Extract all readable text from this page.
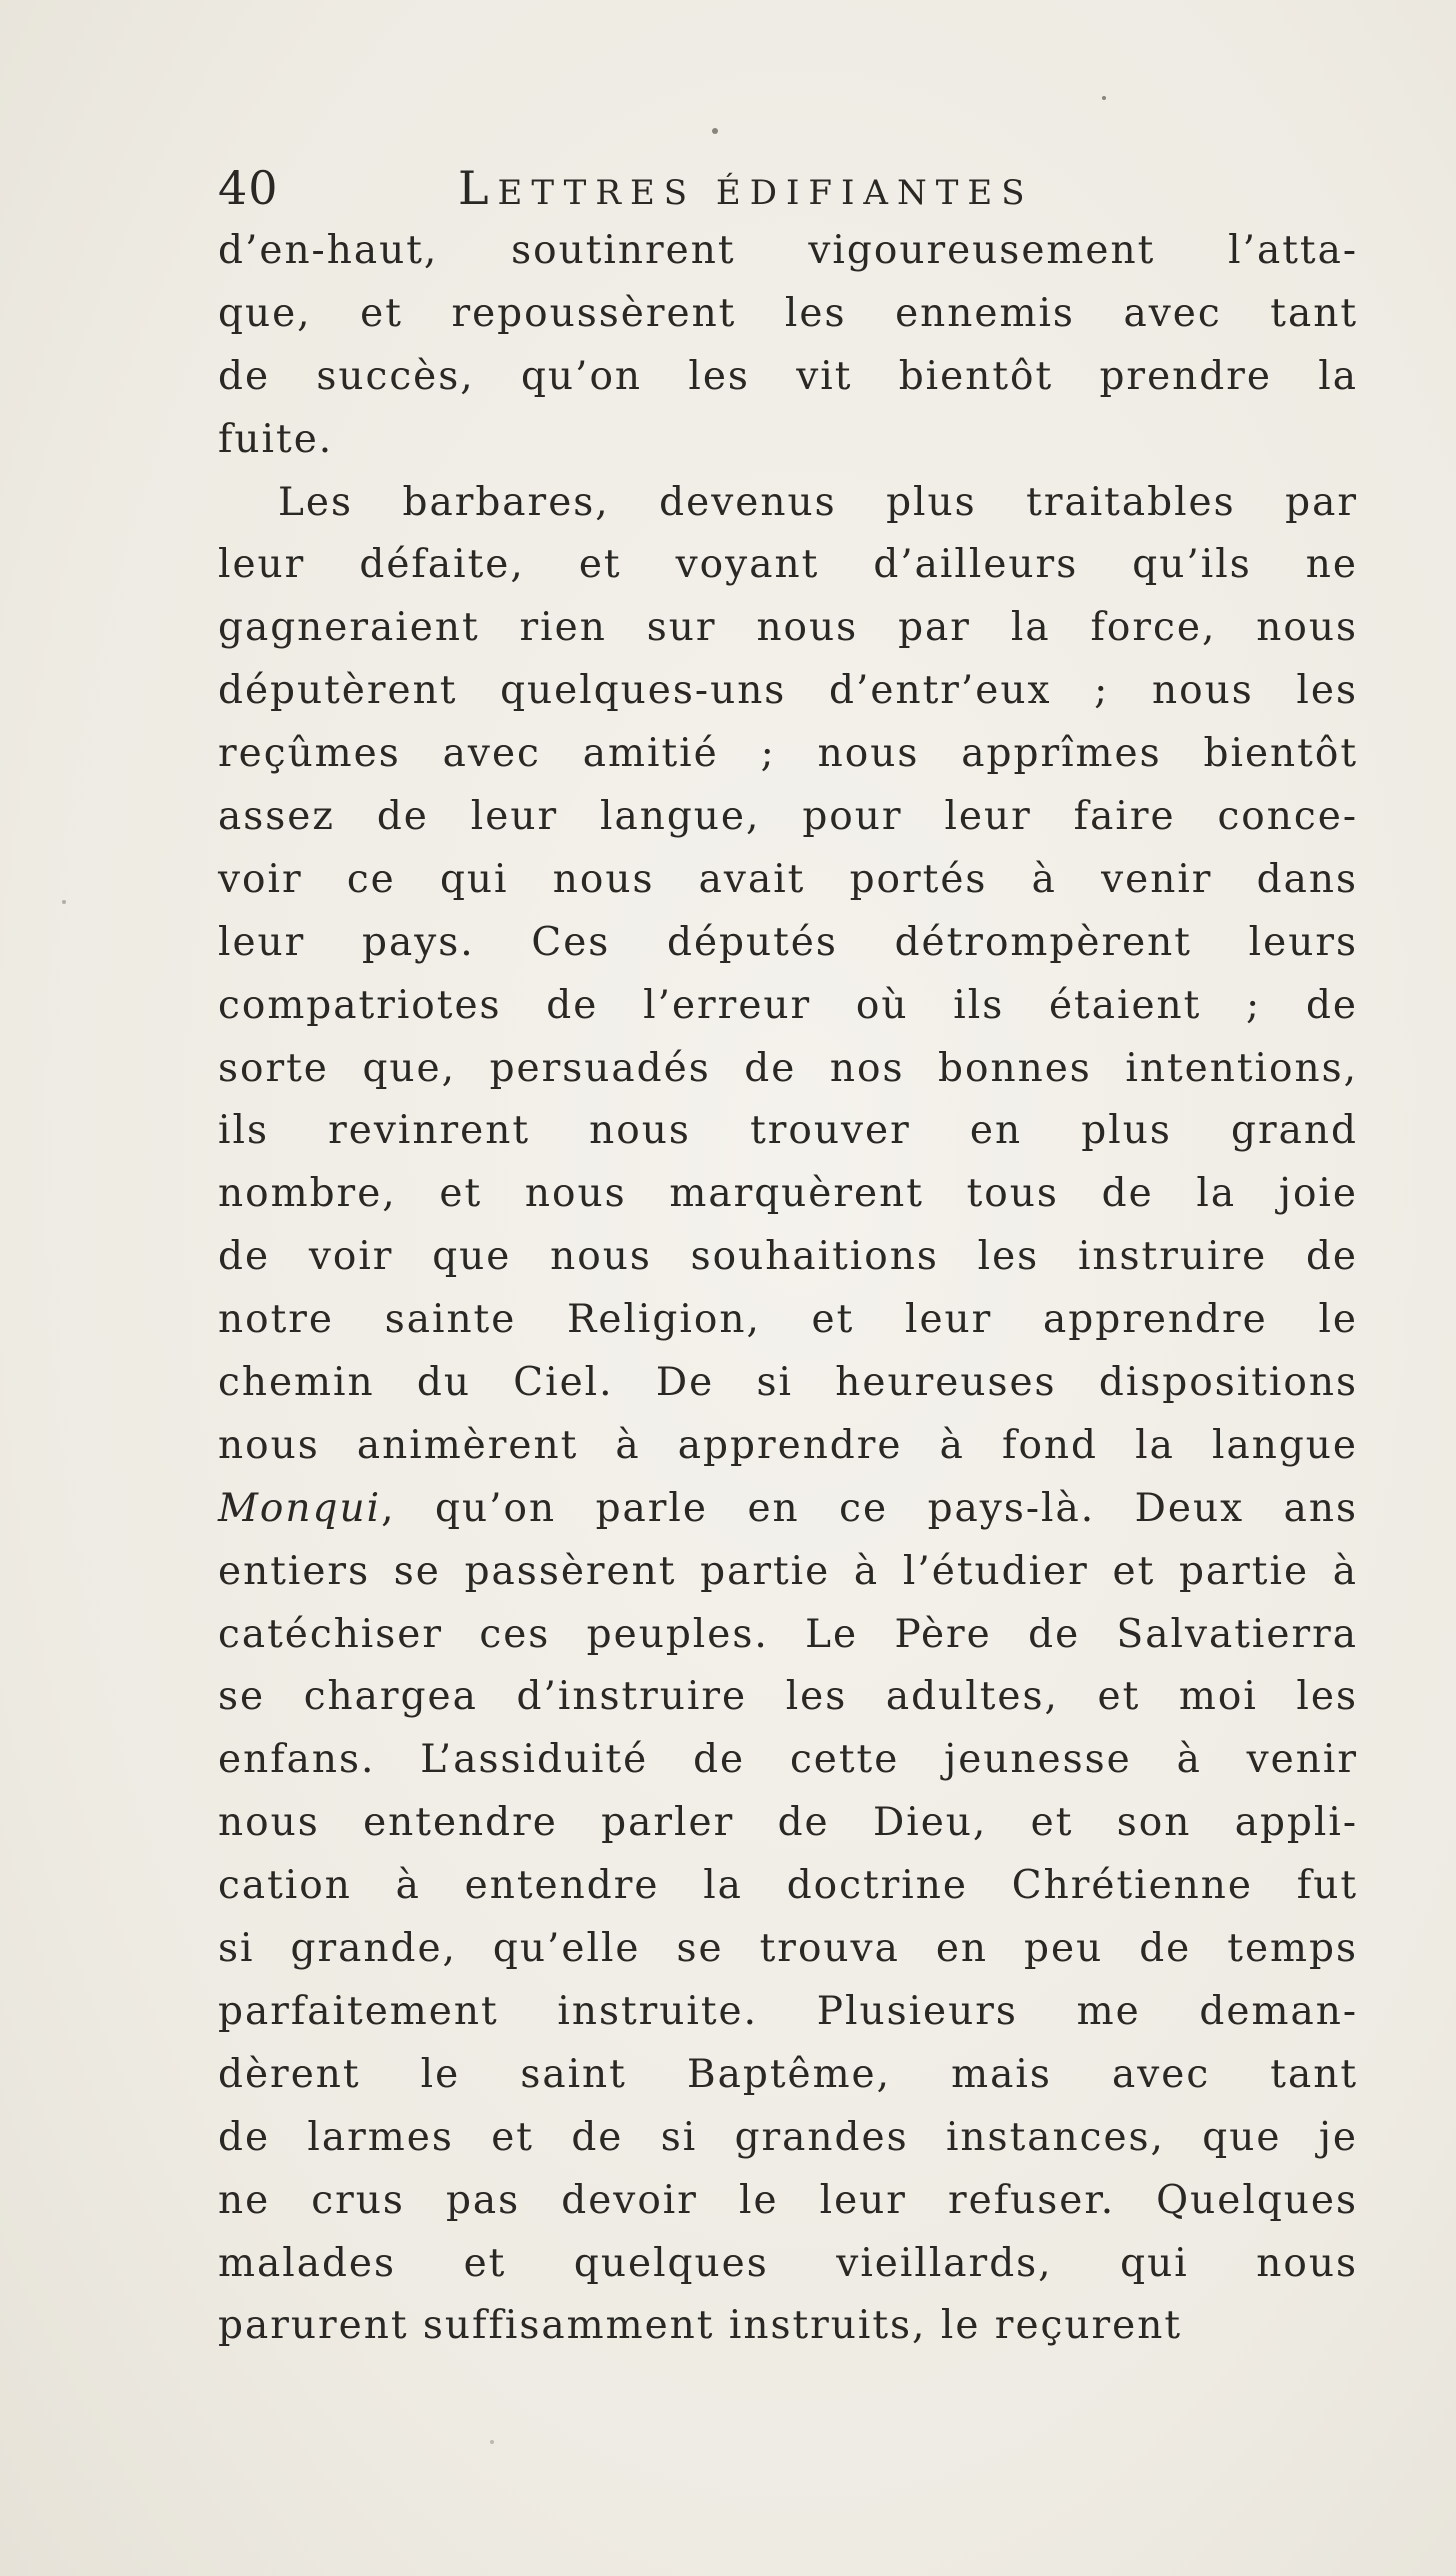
40	LETTRES ÉDIFIANTES
d’en-haut, soutinrent vigoureusement l’atta-
que, et repoussèrent les ennemis avec tant
de succès, qu’on les vit bientôt prendre la
fuite.
Les barbares, devenus plus traitables par
leur défaite, et voyant d’ailleurs qu’ils ne
gagneraient rien sur nous par la force, nous
députèrent quelques-uns d’entr’eux ; nous les
reçûmes avec amitié ; nous apprîmes bientôt
assez de leur langue, pour leur faire conce-
voir ce qui nous avait portés à venir dans
leur pays. Ces députés détrompèrent leurs
compatriotes de l’erreur où ils étaient ; de
sorte que, persuadés de nos bonnes intentions,
ils revinrent nous trouver en plus grand
nombre, et nous marquèrent tous de la joie
de voir que nous souhaitions les instruire de
notre sainte Religion, et leur apprendre le
chemin du Ciel. De si heureuses dispositions
nous animèrent à apprendre à fond la langue
Monqui, qu’on parle en ce pays-là. Deux ans
entiers se passèrent partie à l’étudier et partie à
catéchiser ces peuples. Le Père de Salvatierra
se chargea d’instruire les adultes, et moi les
enfans. L’assiduité de cette jeunesse à venir
nous entendre parler de Dieu, et son appli-
cation à entendre la doctrine Chrétienne fut
si grande, qu’elle se trouva en peu de temps
parfaitement instruite. Plusieurs me deman-
dèrent le saint Baptême, mais avec tant
de larmes et de si grandes instances, que je
ne crus pas devoir le leur refuser. Quelques
malades et quelques vieillards, qui nous
parurent suffisamment instruits, le reçurent
